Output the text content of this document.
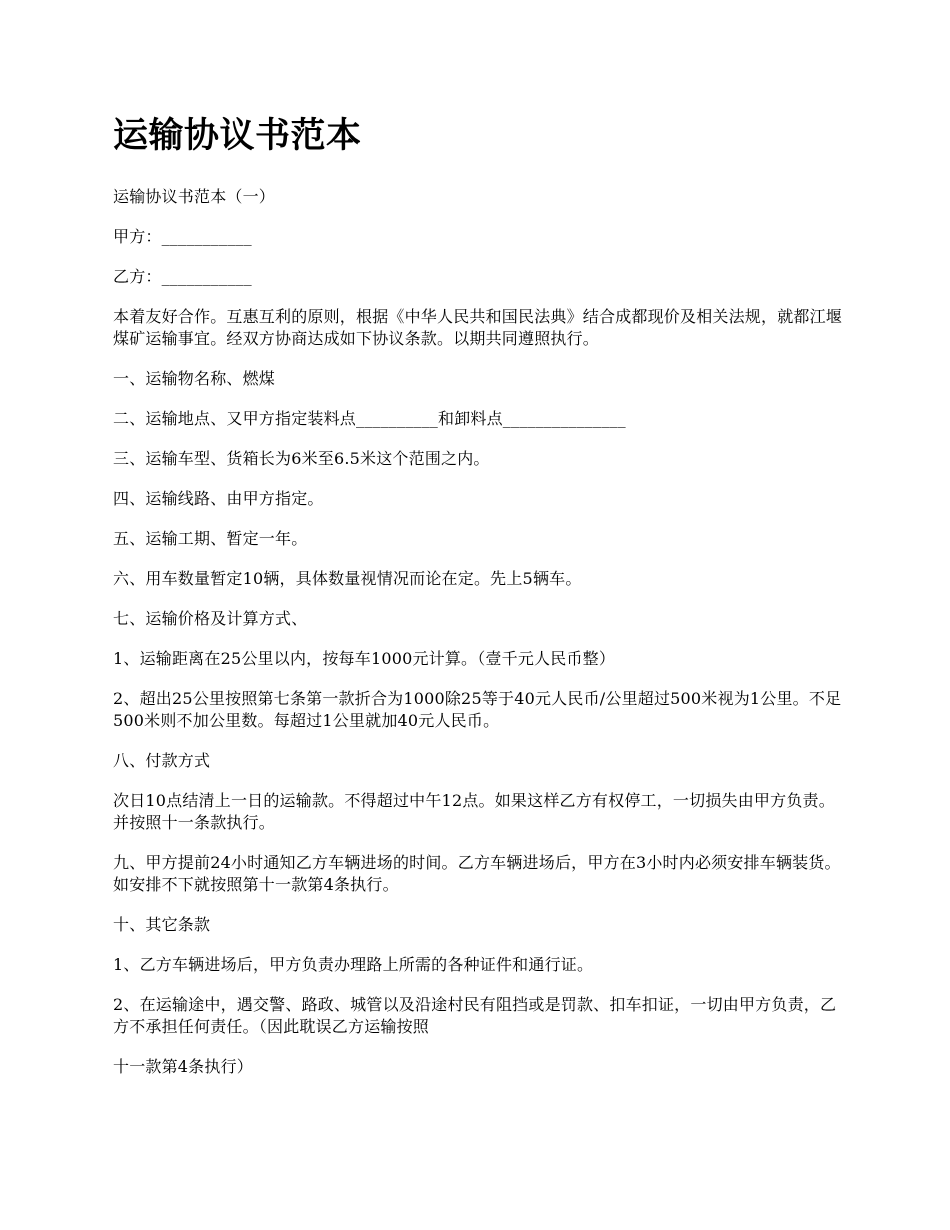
运输协议书范本

运输协议书范本（一）

甲方：___________

乙方：___________

本着友好合作。互惠互利的原则，根据《中华人民共和国民法典》结合成都现价及相关法规，就都江堰煤矿运输事宜。经双方协商达成如下协议条款。以期共同遵照执行。

一、运输物名称、燃煤

二、运输地点、又甲方指定装料点__________和卸料点_______________

三、运输车型、货箱长为6米至6.5米这个范围之内。

四、运输线路、由甲方指定。

五、运输工期、暂定一年。

六、用车数量暂定10辆，具体数量视情况而论在定。先上5辆车。

七、运输价格及计算方式、

1、运输距离在25公里以内，按每车1000元计算。（壹千元人民币整）

2、超出25公里按照第七条第一款折合为1000除25等于40元人民币/公里超过500米视为1公里。不足500米则不加公里数。每超过1公里就加40元人民币。

八、付款方式

次日10点结清上一日的运输款。不得超过中午12点。如果这样乙方有权停工，一切损失由甲方负责。并按照十一条款执行。

九、甲方提前24小时通知乙方车辆进场的时间。乙方车辆进场后，甲方在3小时内必须安排车辆装货。如安排不下就按照第十一款第4条执行。

十、其它条款

1、乙方车辆进场后，甲方负责办理路上所需的各种证件和通行证。

2、在运输途中，遇交警、路政、城管以及沿途村民有阻挡或是罚款、扣车扣证，一切由甲方负责，乙方不承担任何责任。（因此耽误乙方运输按照

十一款第4条执行）
